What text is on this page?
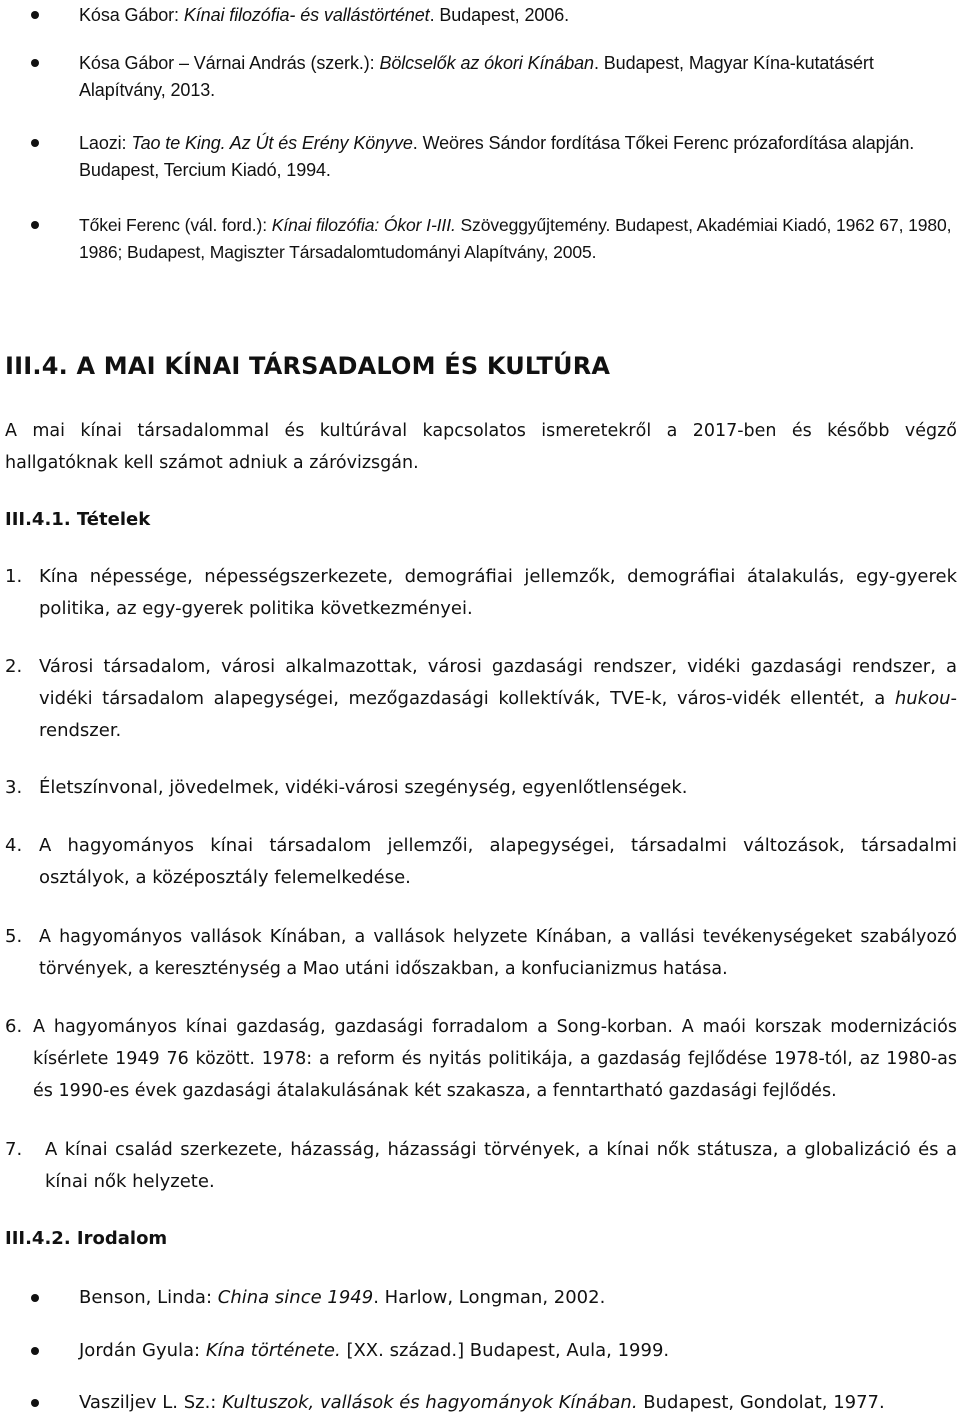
Kósa Gábor: Kínai filozófia- és vallástörténet. Budapest, 2006.
Kósa Gábor – Várnai András (szerk.): Bölcselők az ókori Kínában. Budapest, Magyar Kína-kutatásért Alapítvány, 2013.
Laozi: Tao te King. Az Út és Erény Könyve. Weöres Sándor fordítása Tőkei Ferenc prózafordítása alapján. Budapest, Tercium Kiadó, 1994.
Tőkei Ferenc (vál. ford.): Kínai filozófia: Ókor I-III. Szöveggyűjtemény. Budapest, Akadémiai Kiadó, 1962 67, 1980, 1986; Budapest, Magiszter Társadalomtudományi Alapítvány, 2005.
III.4. A MAI KÍNAI TÁRSADALOM ÉS KULTÚRA
A mai kínai társadalommal és kultúrával kapcsolatos ismeretekről a 2017-ben és később végző hallgatóknak kell számot adniuk a záróvizsgán.
III.4.1. Tételek
1. Kína népessége, népességszerkezete, demográfiai jellemzők, demográfiai átalakulás, egy-gyerek politika, az egy-gyerek politika következményei.
2. Városi társadalom, városi alkalmazottak, városi gazdasági rendszer, vidéki gazdasági rendszer, a vidéki társadalom alapegységei, mezőgazdasági kollektívák, TVE-k, város-vidék ellentét, a hukou-rendszer.
3. Életszínvonal, jövedelmek, vidéki-városi szegénység, egyenlőtlenségek.
4. A hagyományos kínai társadalom jellemzői, alapegységei, társadalmi változások, társadalmi osztályok, a középosztály felemelkedése.
5. A hagyományos vallások Kínában, a vallások helyzete Kínában, a vallási tevékenységeket szabályozó törvények, a kereszténység a Mao utáni időszakban, a konfucianizmus hatása.
6. A hagyományos kínai gazdaság, gazdasági forradalom a Song-korban. A maói korszak modernizációs kísérlete 1949 76 között. 1978: a reform és nyitás politikája, a gazdaság fejlődése 1978-tól, az 1980-as és 1990-es évek gazdasági átalakulásának két szakasza, a fenntartható gazdasági fejlődés.
7. A kínai család szerkezete, házasság, házassági törvények, a kínai nők státusza, a globalizáció és a kínai nők helyzete.
III.4.2. Irodalom
Benson, Linda: China since 1949. Harlow, Longman, 2002.
Jordán Gyula: Kína története. [XX. század.] Budapest, Aula, 1999.
Vaszilјev L. Sz.: Kultuszok, vallások és hagyományok Kínában. Budapest, Gondolat, 1977.
